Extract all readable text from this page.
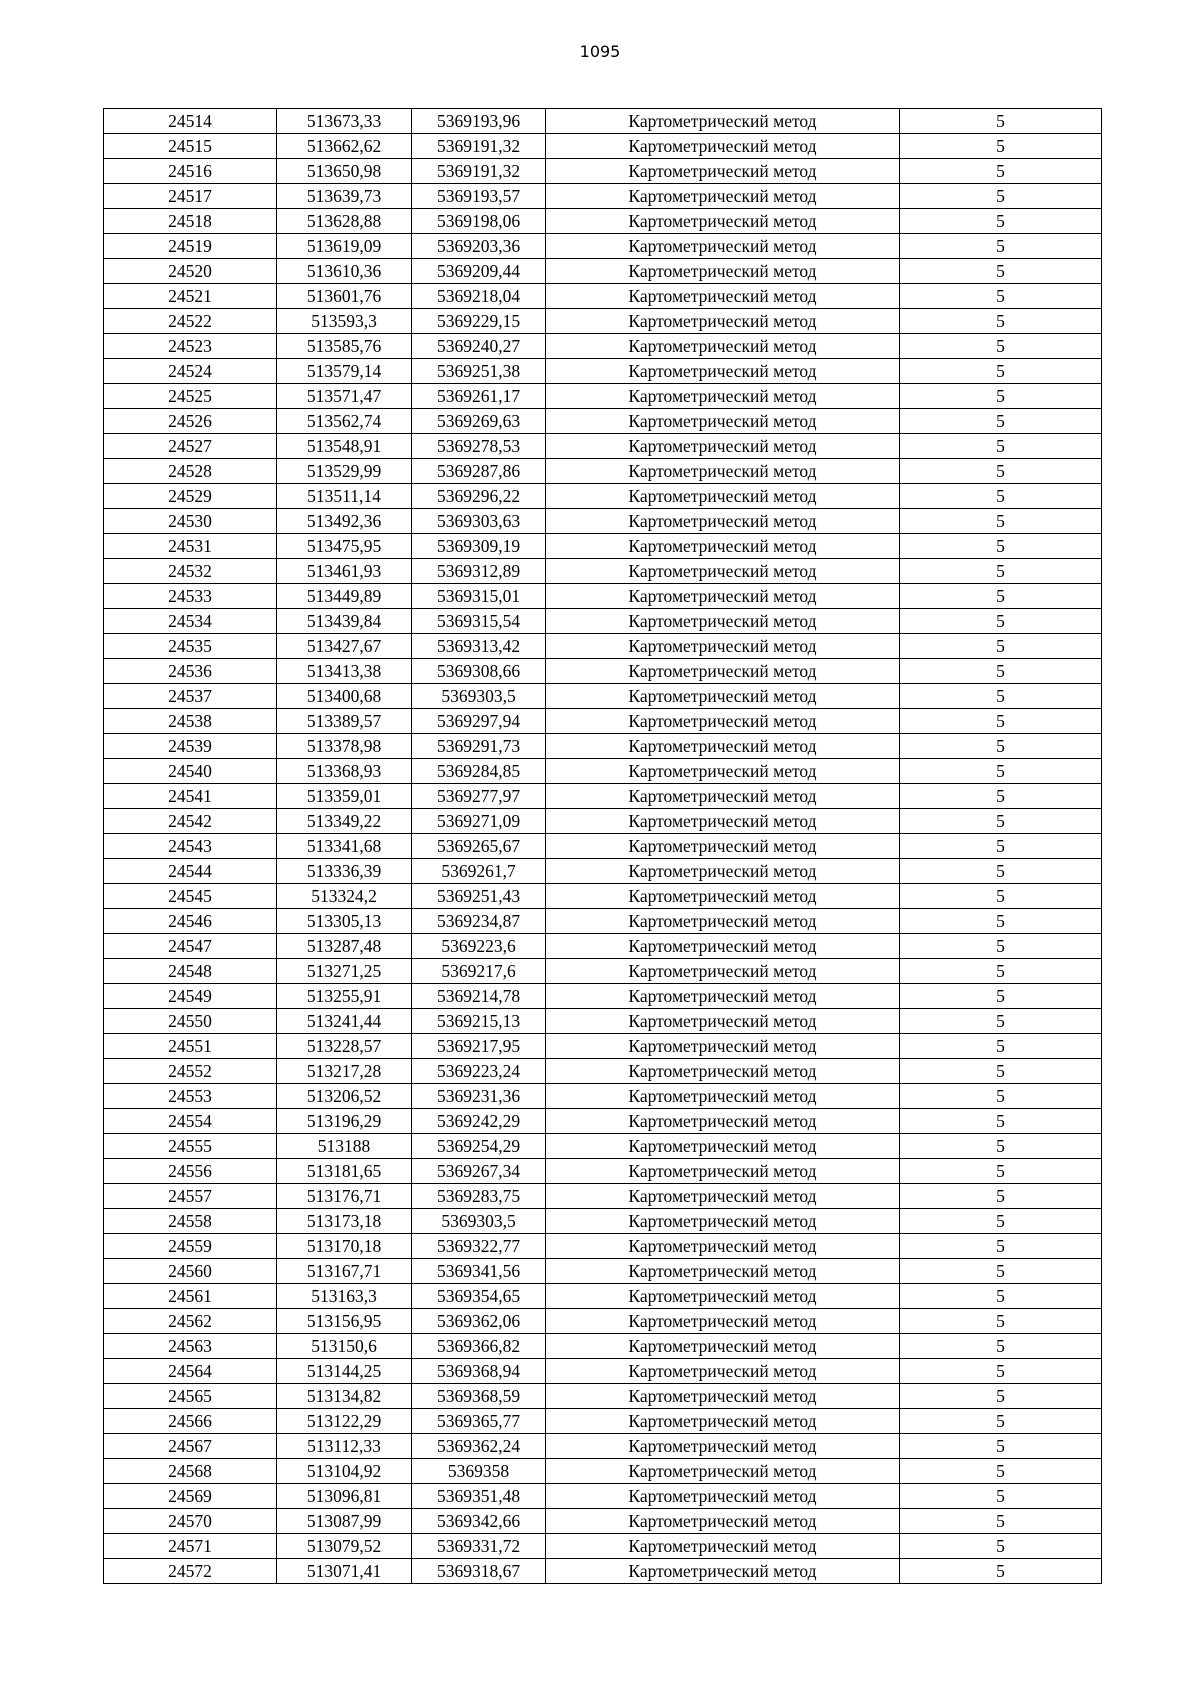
1095
24514	513673,33	5369193,96	Картометрический метод	5
24515	513662,62	5369191,32	Картометрический метод	5
24516	513650,98	5369191,32	Картометрический метод	5
24517	513639,73	5369193,57	Картометрический метод	5
24518	513628,88	5369198,06	Картометрический метод	5
24519	513619,09	5369203,36	Картометрический метод	5
24520	513610,36	5369209,44	Картометрический метод	5
24521	513601,76	5369218,04	Картометрический метод	5
24522	513593,3	5369229,15	Картометрический метод	5
24523	513585,76	5369240,27	Картометрический метод	5
24524	513579,14	5369251,38	Картометрический метод	5
24525	513571,47	5369261,17	Картометрический метод	5
24526	513562,74	5369269,63	Картометрический метод	5
24527	513548,91	5369278,53	Картометрический метод	5
24528	513529,99	5369287,86	Картометрический метод	5
24529	513511,14	5369296,22	Картометрический метод	5
24530	513492,36	5369303,63	Картометрический метод	5
24531	513475,95	5369309,19	Картометрический метод	5
24532	513461,93	5369312,89	Картометрический метод	5
24533	513449,89	5369315,01	Картометрический метод	5
24534	513439,84	5369315,54	Картометрический метод	5
24535	513427,67	5369313,42	Картометрический метод	5
24536	513413,38	5369308,66	Картометрический метод	5
24537	513400,68	5369303,5	Картометрический метод	5
24538	513389,57	5369297,94	Картометрический метод	5
24539	513378,98	5369291,73	Картометрический метод	5
24540	513368,93	5369284,85	Картометрический метод	5
24541	513359,01	5369277,97	Картометрический метод	5
24542	513349,22	5369271,09	Картометрический метод	5
24543	513341,68	5369265,67	Картометрический метод	5
24544	513336,39	5369261,7	Картометрический метод	5
24545	513324,2	5369251,43	Картометрический метод	5
24546	513305,13	5369234,87	Картометрический метод	5
24547	513287,48	5369223,6	Картометрический метод	5
24548	513271,25	5369217,6	Картометрический метод	5
24549	513255,91	5369214,78	Картометрический метод	5
24550	513241,44	5369215,13	Картометрический метод	5
24551	513228,57	5369217,95	Картометрический метод	5
24552	513217,28	5369223,24	Картометрический метод	5
24553	513206,52	5369231,36	Картометрический метод	5
24554	513196,29	5369242,29	Картометрический метод	5
24555	513188	5369254,29	Картометрический метод	5
24556	513181,65	5369267,34	Картометрический метод	5
24557	513176,71	5369283,75	Картометрический метод	5
24558	513173,18	5369303,5	Картометрический метод	5
24559	513170,18	5369322,77	Картометрический метод	5
24560	513167,71	5369341,56	Картометрический метод	5
24561	513163,3	5369354,65	Картометрический метод	5
24562	513156,95	5369362,06	Картометрический метод	5
24563	513150,6	5369366,82	Картометрический метод	5
24564	513144,25	5369368,94	Картометрический метод	5
24565	513134,82	5369368,59	Картометрический метод	5
24566	513122,29	5369365,77	Картометрический метод	5
24567	513112,33	5369362,24	Картометрический метод	5
24568	513104,92	5369358	Картометрический метод	5
24569	513096,81	5369351,48	Картометрический метод	5
24570	513087,99	5369342,66	Картометрический метод	5
24571	513079,52	5369331,72	Картометрический метод	5
24572	513071,41	5369318,67	Картометрический метод	5
